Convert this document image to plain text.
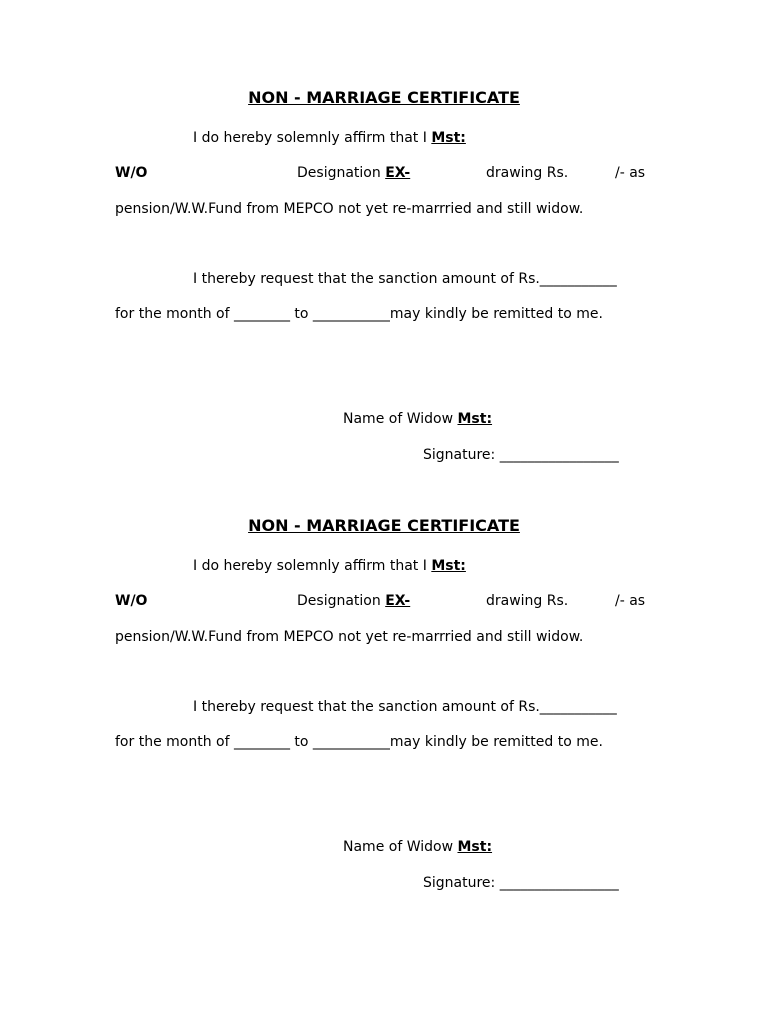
NON - MARRIAGE CERTIFICATE
I do hereby solemnly affirm that I Mst:
W/O	Designation EX-	drawing Rs.	/- as
pension/W.W.Fund from MEPCO not yet re-marrried and still widow.
I thereby request that the sanction amount of Rs.___________
for the month of ________ to ___________may kindly be remitted to me.
Name of Widow Mst:
Signature: _________________
NON - MARRIAGE CERTIFICATE
I do hereby solemnly affirm that I Mst:
W/O	Designation EX-	drawing Rs.	/- as
pension/W.W.Fund from MEPCO not yet re-marrried and still widow.
I thereby request that the sanction amount of Rs.___________
for the month of ________ to ___________may kindly be remitted to me.
Name of Widow Mst:
Signature: _________________
